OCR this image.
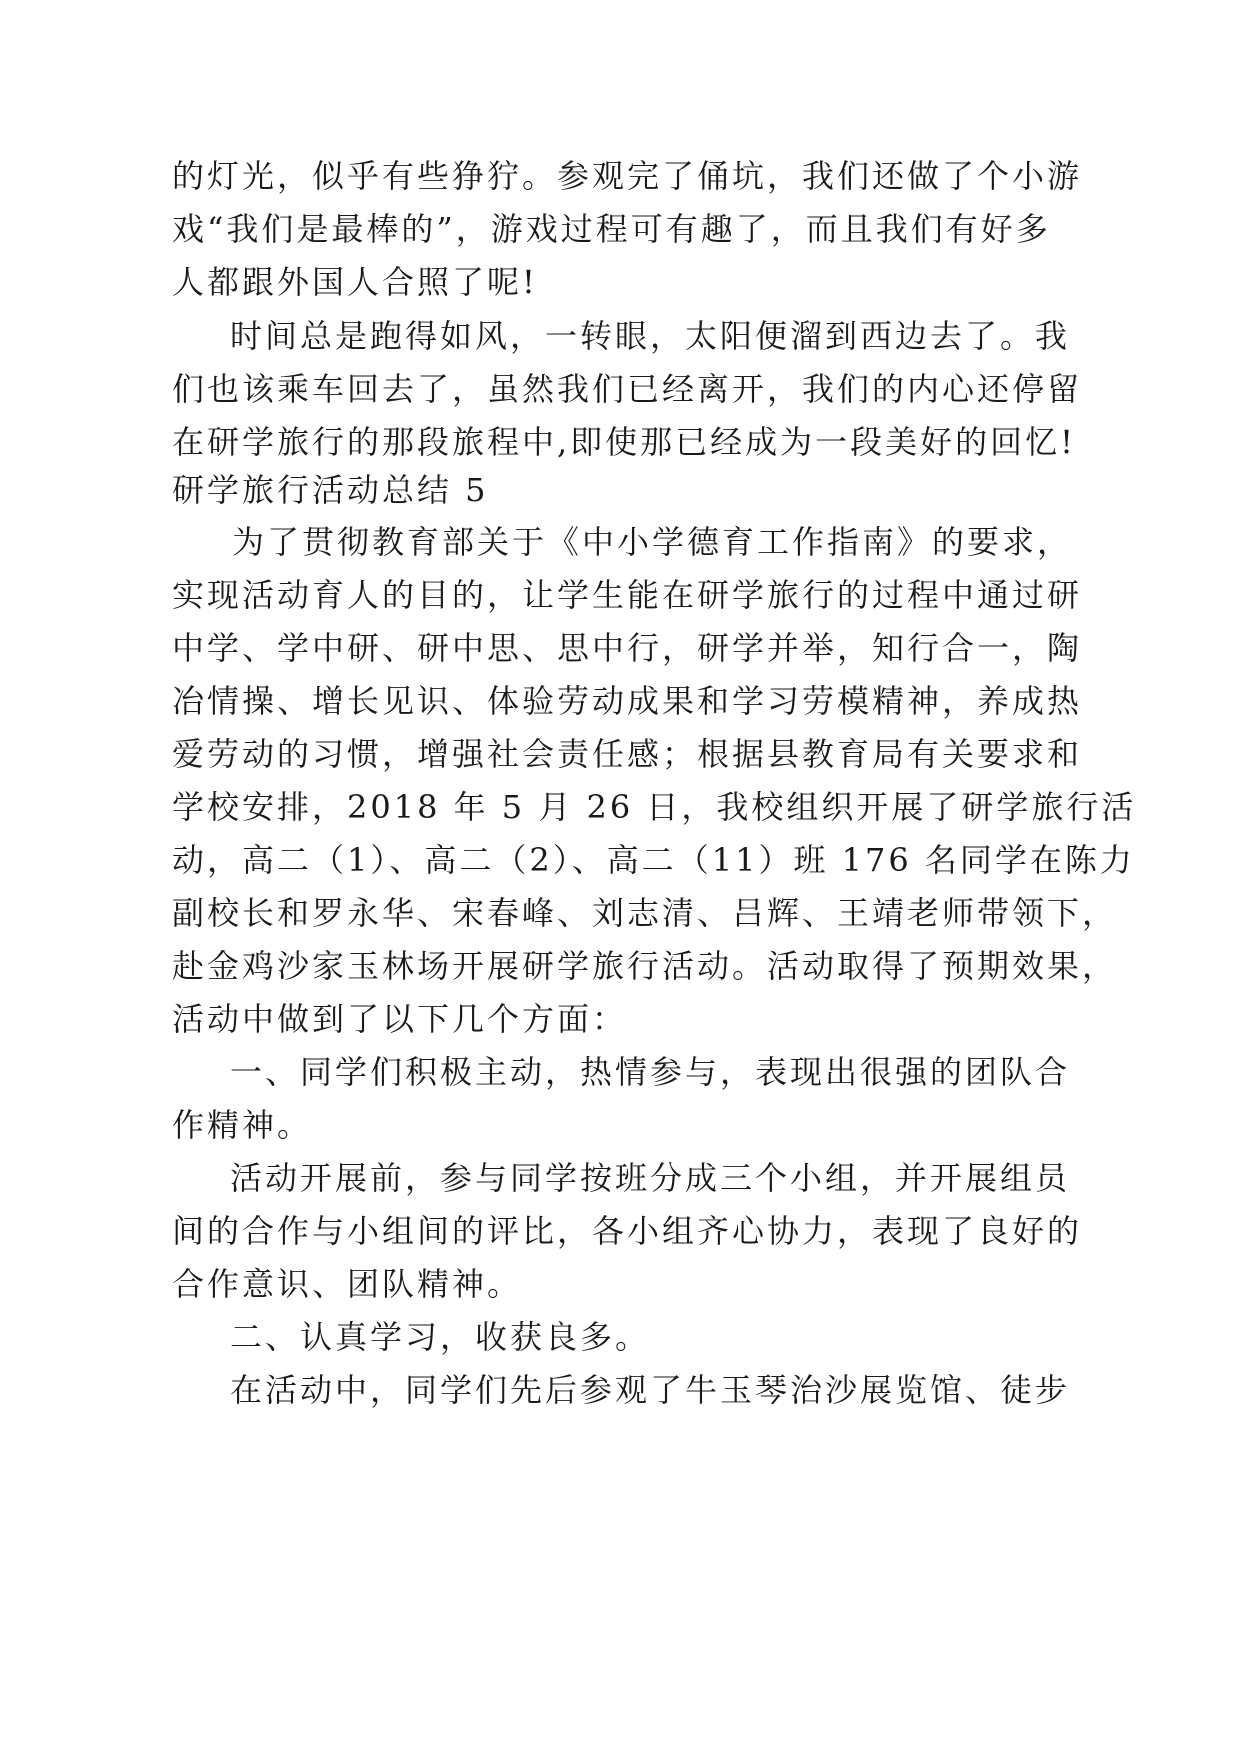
的灯光，似乎有些狰狞。参观完了俑坑，我们还做了个小游

戏“我们是最棒的”，游戏过程可有趣了，而且我们有好多

人都跟外国人合照了呢!

时间总是跑得如风，一转眼，太阳便溜到西边去了。我

们也该乘车回去了，虽然我们已经离开，我们的内心还停留

在研学旅行的那段旅程中,即使那已经成为一段美好的回忆!

研学旅行活动总结 5

为了贯彻教育部关于《中小学德育工作指南》的要求，

实现活动育人的目的，让学生能在研学旅行的过程中通过研

中学、学中研、研中思、思中行，研学并举，知行合一，陶

冶情操、增长见识、体验劳动成果和学习劳模精神，养成热

爱劳动的习惯，增强社会责任感；根据县教育局有关要求和

学校安排，2018 年 5 月 26 日，我校组织开展了研学旅行活

动，高二（1）、高二（2）、高二（11）班 176 名同学在陈力

副校长和罗永华、宋春峰、刘志清、吕辉、王靖老师带领下，

赴金鸡沙家玉林场开展研学旅行活动。活动取得了预期效果，

活动中做到了以下几个方面：

一、同学们积极主动，热情参与，表现出很强的团队合

作精神。

活动开展前，参与同学按班分成三个小组，并开展组员

间的合作与小组间的评比，各小组齐心协力，表现了良好的

合作意识、团队精神。

二、认真学习，收获良多。

在活动中，同学们先后参观了牛玉琴治沙展览馆、徒步
